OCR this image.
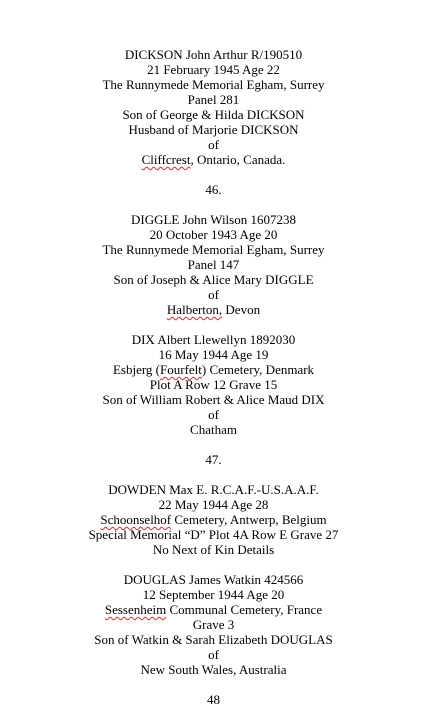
DICKSON John Arthur R/190510
21 February 1945 Age 22
The Runnymede Memorial Egham, Surrey
Panel 281
Son of George & Hilda DICKSON
Husband of Marjorie DICKSON
of
Cliffcrest, Ontario, Canada.
46.
DIGGLE John Wilson 1607238
20 October 1943 Age 20
The Runnymede Memorial Egham, Surrey
Panel 147
Son of Joseph & Alice Mary DIGGLE
of
Halberton, Devon
DIX Albert Llewellyn 1892030
16 May 1944 Age 19
Esbjerg (Fourfelt) Cemetery, Denmark
Plot A Row 12 Grave 15
Son of William Robert & Alice Maud DIX
of
Chatham
47.
DOWDEN Max E. R.C.A.F.-U.S.A.A.F.
22 May 1944 Age 28
Schoonselhof Cemetery, Antwerp, Belgium
Special Memorial “D” Plot 4A Row E Grave 27
No Next of Kin Details
DOUGLAS James Watkin 424566
12 September 1944 Age 20
Sessenheim Communal Cemetery, France
Grave 3
Son of Watkin & Sarah Elizabeth DOUGLAS
of
New South Wales, Australia
48
